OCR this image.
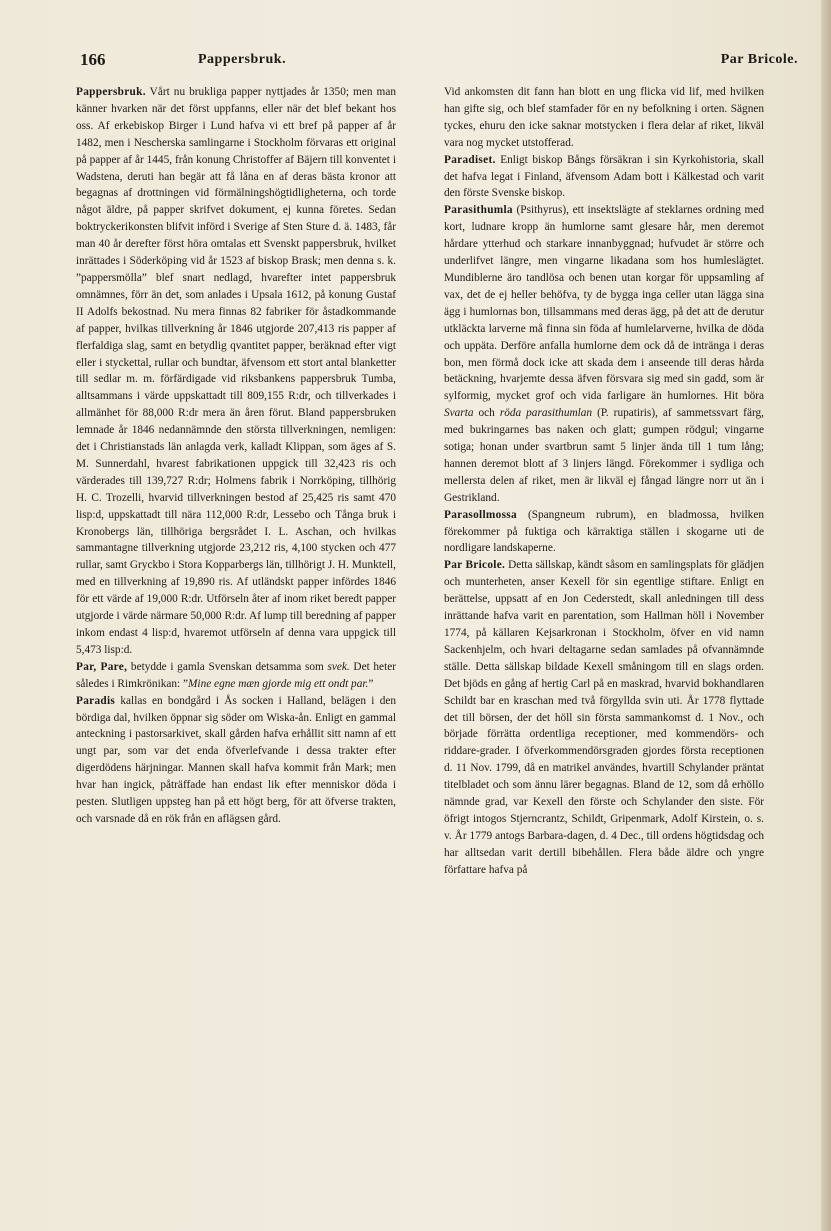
166	Pappersbruk.	Par Bricole.

Pappersbruk. Vårt nu brukliga papper nyttjades år 1350; men man känner hvarken när det först uppfanns, eller när det blef bekant hos oss. Af erkebiskop Birger i Lund hafva vi ett bref på papper af år 1482, men i Nescherska samlingarne i Stockholm förvaras ett original på papper af år 1445, från konung Christoffer af Bäjern till konventet i Wadstena, deruti han begär att få låna en af deras bästa kronor att begagnas af drottningen vid förmälningshögtidligheterna, och torde något äldre, på papper skrifvet dokument, ej kunna företes. Sedan boktryckerikonsten blifvit införd i Sverige af Sten Sture d. ä. 1483, får man 40 år derefter först höra omtalas ett Svenskt pappersbruk, hvilket inrättades i Söderköping vid år 1523 af biskop Brask; men denna s. k. ”pappersmölla” blef snart nedlagd, hvarefter intet pappersbruk omnämnes, förr än det, som anlades i Upsala 1612, på konung Gustaf II Adolfs bekostnad. Nu mera finnas 82 fabriker för åstadkommande af papper, hvilkas tillverkning år 1846 utgjorde 207,413 ris papper af flerfaldiga slag, samt en betydlig qvantitet papper, beräknad efter vigt eller i styckettal, rullar och bundtar, äfvensom ett stort antal blanketter till sedlar m. m. förfärdigade vid riksbankens pappersbruk Tumba, alltsammans i värde uppskattadt till 809,155 R:dr, och tillverkades i allmänhet för 88,000 R:dr mera än åren förut. Bland pappersbruken lemnade år 1846 nedannämnde den största tillverkningen, nemligen: det i Christianstads län anlagda verk, kalladt Klippan, som äges af S. M. Sunnerdahl, hvarest fabrikationen uppgick till 32,423 ris och värderades till 139,727 R:dr; Holmens fabrik i Norrköping, tillhörig H. C. Trozelli, hvarvid tillverkningen bestod af 25,425 ris samt 470 lisp:d, uppskattadt till nära 112,000 R:dr, Lessebo och Tånga bruk i Kronobergs län, tillhöriga bergsrådet I. L. Aschan, och hvilkas sammantagne tillverkning utgjorde 23,212 ris, 4,100 stycken och 477 rullar, samt Gryckbo i Stora Kopparbergs län, tillhörigt J. H. Munktell, med en tillverkning af 19,890 ris. Af utländskt papper infördes 1846 för ett värde af 19,000 R:dr. Utförseln åter af inom riket beredt papper utgjorde i värde närmare 50,000 R:dr. Af lump till beredning af papper inkom endast 4 lisp:d, hvaremot utförseln af denna vara uppgick till 5,473 lisp:d.

Par, Pare, betydde i gamla Svenskan detsamma som svek. Det heter således i Rimkrönikan: ”Mine egne mæn gjorde mig ett ondt par.”

Paradis kallas en bondgård i Ås socken i Halland, belägen i den bördiga dal, hvilken öppnar sig söder om Wiska-ån. Enligt en gammal anteckning i pastorsarkivet, skall gården hafva erhållit sitt namn af ett ungt par, som var det enda öfverlefvande i dessa trakter efter digerdödens härjningar. Mannen skall hafva kommit från Mark; men hvar han ingick, påträffade han endast lik efter menniskor döda i pesten. Slutligen uppsteg han på ett högt berg, för att öfverse trakten, och varsnade då en rök från en aflägsen gård.

Vid ankomsten dit fann han blott en ung flicka vid lif, med hvilken han gifte sig, och blef stamfader för en ny befolkning i orten. Sägnen tyckes, ehuru den icke saknar motstycken i flera delar af riket, likväl vara nog mycket utstofferad.

Paradiset. Enligt biskop Bångs försäkran i sin Kyrkohistoria, skall det hafva legat i Finland, äfvensom Adam bott i Kälkestad och varit den förste Svenske biskop.

Parasithumla (Psithyrus), ett insektslägte af steklarnes ordning med kort, ludnare kropp än humlorne samt glesare hår, men deremot hårdare ytterhud och starkare innanbyggnad; hufvudet är större och underlifvet längre, men vingarne likadana som hos humleslägtet. Mundiblerne äro tandlösa och benen utan korgar för uppsamling af vax, det de ej heller behöfva, ty de bygga inga celler utan lägga sina ägg i humlornas bon, tillsammans med deras ägg, på det att de derutur utkläckta larverne må finna sin föda af humlelarverne, hvilka de döda och uppäta. Derföre anfalla humlorne dem ock då de inträngа i deras bon, men förmå dock icke att skada dem i anseende till deras hårda betäckning, hvarjemte dessa äfven försvara sig med sin gadd, som är sylformig, mycket grof och vida farligare än humlornes. Hit böra Svarta och röda parasithumlan (P. rupatiris), af sammetssvart färg, med bukringarnes bas naken och glatt; gumpen rödgul; vingarne sotiga; honan under svartbrun samt 5 linjer ända till 1 tum lång; hannen deremot blott af 3 linjers längd. Förekommer i sydliga och mellersta delen af riket, men är likväl ej fångad längre norr ut än i Gestrikland.

Parasollmossa (Spangneum rubrum), en bladmossa, hvilken förekommer på fuktiga och kärraktiga ställen i skogarne uti de nordligare landskaperne.

Par Bricole. Detta sällskap, kändt såsom en samlingsplats för glädjen och munterheten, anser Kexell för sin egentlige stiftare. Enligt en berättelse, uppsatt af en Jon Cederstedt, skall anledningen till dess inrättande hafva varit en parentation, som Hallman höll i November 1774, på källaren Kejsarkronan i Stockholm, öfver en vid namn Sackenhjelm, och hvari deltagarne sedan samlades på ofvannämnde ställe. Detta sällskap bildade Kexell småningom till en slags orden. Det bjöds en gång af hertig Carl på en maskrad, hvarvid bokhandlaren Schildt bar en kraschan med två förgyllda svin uti. År 1778 flyttade det till börsen, der det höll sin första sammankomst d. 1 Nov., och började förrätta ordentliga receptioner, med kommendörs- och riddare-grader. I öfverkommendörsgraden gjordes första receptionen d. 11 Nov. 1799, då en matrikel användes, hvartill Schylander präntat titelbladet och som ännu lärer begagnas. Bland de 12, som då erhöllo nämnde grad, var Kexell den förste och Schylander den siste. För öfrigt intogos Stjerncrantz, Schildt, Gripenmark, Adolf Kirstein, o. s. v. År 1779 antogs Barbara-dagen, d. 4 Dec., till ordens högtidsdag och har alltsedan varit dertill bibehållen. Flera både äldre och yngre författare hafva på
